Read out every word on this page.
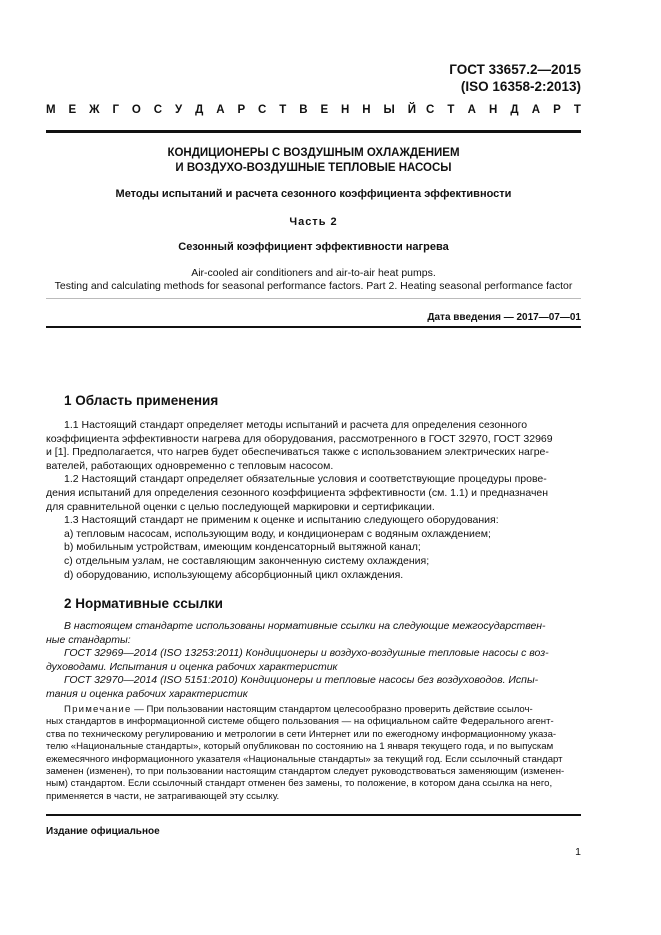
ГОСТ 33657.2—2015
(ISO 16358-2:2013)
М Е Ж Г О С У Д А Р С Т В Е Н Н Ы Й С Т А Н Д А Р Т
КОНДИЦИОНЕРЫ С ВОЗДУШНЫМ ОХЛАЖДЕНИЕМ
И ВОЗДУХО-ВОЗДУШНЫЕ ТЕПЛОВЫЕ НАСОСЫ
Методы испытаний и расчета сезонного коэффициента эффективности
Часть 2
Сезонный коэффициент эффективности нагрева
Air-cooled air conditioners and air-to-air heat pumps.
Testing and calculating methods for seasonal performance factors. Part 2. Heating seasonal performance factor
Дата введения — 2017—07—01
1 Область применения
1.1 Настоящий стандарт определяет методы испытаний и расчета для определения сезонного
коэффициента эффективности нагрева для оборудования, рассмотренного в ГОСТ 32970, ГОСТ 32969
и [1]. Предполагается, что нагрев будет обеспечиваться также с использованием электрических нагре-
вателей, работающих одновременно с тепловым насосом.
1.2 Настоящий стандарт определяет обязательные условия и соответствующие процедуры прове-
дения испытаний для определения сезонного коэффициента эффективности (см. 1.1) и предназначен
для сравнительной оценки с целью последующей маркировки и сертификации.
1.3 Настоящий стандарт не применим к оценке и испытанию следующего оборудования:
a) тепловым насосам, использующим воду, и кондиционерам с водяным охлаждением;
b) мобильным устройствам, имеющим конденсаторный вытяжной канал;
c) отдельным узлам, не составляющим законченную систему охлаждения;
d) оборудованию, использующему абсорбционный цикл охлаждения.
2 Нормативные ссылки
В настоящем стандарте использованы нормативные ссылки на следующие межгосударствен-
ные стандарты:
ГОСТ 32969—2014 (ISO 13253:2011) Кондиционеры и воздухо-воздушные тепловые насосы с воз-
духоводами. Испытания и оценка рабочих характеристик
ГОСТ 32970—2014 (ISO 5151:2010) Кондиционеры и тепловые насосы без воздуховодов. Испы-
тания и оценка рабочих характеристик
Примечание — При пользовании настоящим стандартом целесообразно проверить действие ссылоч-
ных стандартов в информационной системе общего пользования — на официальном сайте Федерального агент-
ства по техническому регулированию и метрологии в сети Интернет или по ежегодному информационному указа-
телю «Национальные стандарты», который опубликован по состоянию на 1 января текущего года, и по выпускам
ежемесячного информационного указателя «Национальные стандарты» за текущий год. Если ссылочный стандарт
заменен (изменен), то при пользовании настоящим стандартом следует руководствоваться заменяющим (изменен-
ным) стандартом. Если ссылочный стандарт отменен без замены, то положение, в котором дана ссылка на него,
применяется в части, не затрагивающей эту ссылку.
Издание официальное
1
